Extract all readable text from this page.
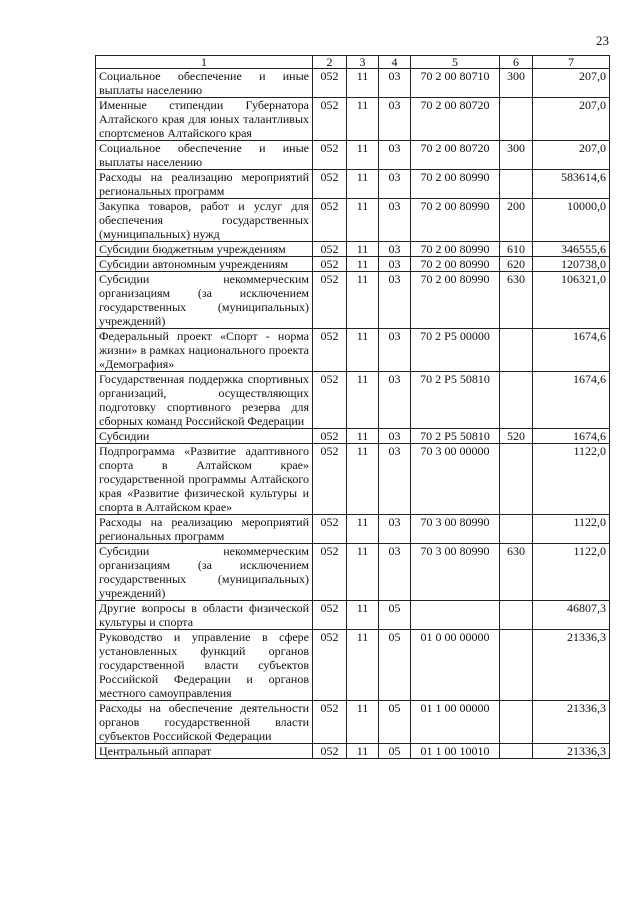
23
1	2	3	4	5	6	7
Социальное обеспечение и иные выплаты населению	052	11	03	70 2 00 80710	300	207,0
Именные стипендии Губернатора Алтайского края для юных талантливых спортсменов Алтайского края	052	11	03	70 2 00 80720		207,0
Социальное обеспечение и иные выплаты населению	052	11	03	70 2 00 80720	300	207,0
Расходы на реализацию мероприятий региональных программ	052	11	03	70 2 00 80990		583614,6
Закупка товаров, работ и услуг для обеспечения государственных (муниципальных) нужд	052	11	03	70 2 00 80990	200	10000,0
Субсидии бюджетным учреждениям	052	11	03	70 2 00 80990	610	346555,6
Субсидии автономным учреждениям	052	11	03	70 2 00 80990	620	120738,0
Субсидии некоммерческим организациям (за исключением государственных (муниципальных) учреждений)	052	11	03	70 2 00 80990	630	106321,0
Федеральный проект «Спорт - норма жизни» в рамках национального проекта «Демография»	052	11	03	70 2 P5 00000		1674,6
Государственная поддержка спортивных организаций, осуществляющих подготовку спортивного резерва для сборных команд Российской Федерации	052	11	03	70 2 P5 50810		1674,6
Субсидии	052	11	03	70 2 P5 50810	520	1674,6
Подпрограмма «Развитие адаптивного спорта в Алтайском крае» государственной программы Алтайского края «Развитие физической культуры и спорта в Алтайском крае»	052	11	03	70 3 00 00000		1122,0
Расходы на реализацию мероприятий региональных программ	052	11	03	70 3 00 80990		1122,0
Субсидии некоммерческим организациям (за исключением государственных (муниципальных) учреждений)	052	11	03	70 3 00 80990	630	1122,0
Другие вопросы в области физической культуры и спорта	052	11	05			46807,3
Руководство и управление в сфере установленных функций органов государственной власти субъектов Российской Федерации и органов местного самоуправления	052	11	05	01 0 00 00000		21336,3
Расходы на обеспечение деятельности органов государственной власти субъектов Российской Федерации	052	11	05	01 1 00 00000		21336,3
Центральный аппарат	052	11	05	01 1 00 10010		21336,3
